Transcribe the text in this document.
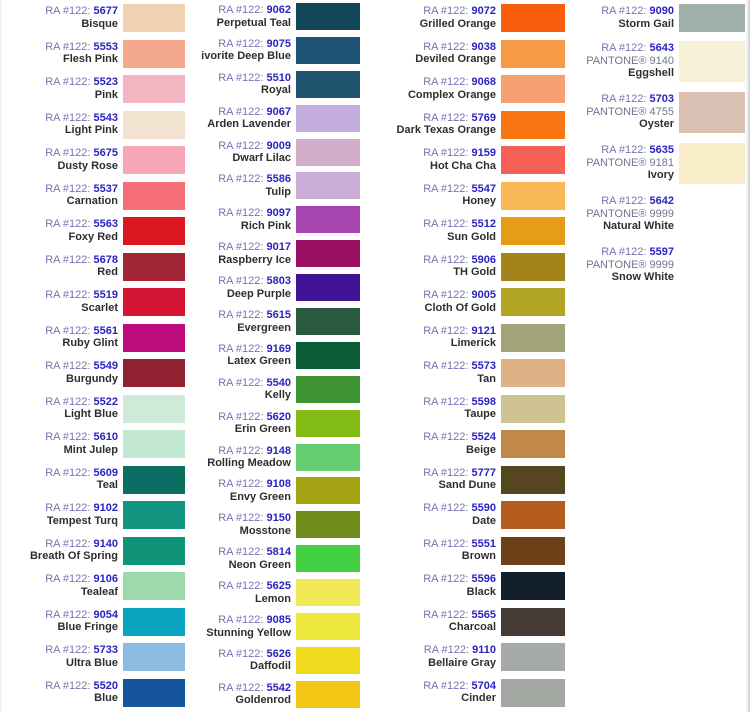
RA #122: 5677
Bisque
RA #122: 5553
Flesh Pink
RA #122: 5523
Pink
RA #122: 5543
Light Pink
RA #122: 5675
Dusty Rose
RA #122: 5537
Carnation
RA #122: 5563
Foxy Red
RA #122: 5678
Red
RA #122: 5519
Scarlet
RA #122: 5561
Ruby Glint
RA #122: 5549
Burgundy
RA #122: 5522
Light Blue
RA #122: 5610
Mint Julep
RA #122: 5609
Teal
RA #122: 9102
Tempest Turq
RA #122: 9140
Breath Of Spring
RA #122: 9106
Tealeaf
RA #122: 9054
Blue Fringe
RA #122: 5733
Ultra Blue
RA #122: 5520
Blue
RA #122: 9062
Perpetual Teal
RA #122: 9075
ivorite Deep Blue
RA #122: 5510
Royal
RA #122: 9067
Arden Lavender
RA #122: 9009
Dwarf Lilac
RA #122: 5586
Tulip
RA #122: 9097
Rich Pink
RA #122: 9017
Raspberry Ice
RA #122: 5803
Deep Purple
RA #122: 5615
Evergreen
RA #122: 9169
Latex Green
RA #122: 5540
Kelly
RA #122: 5620
Erin Green
RA #122: 9148
Rolling Meadow
RA #122: 9108
Envy Green
RA #122: 9150
Mosstone
RA #122: 5814
Neon Green
RA #122: 5625
Lemon
RA #122: 9085
Stunning Yellow
RA #122: 5626
Daffodil
RA #122: 5542
Goldenrod
RA #122: 9072
Grilled Orange
RA #122: 9038
Deviled Orange
RA #122: 9068
Complex Orange
RA #122: 5769
Dark Texas Orange
RA #122: 9159
Hot Cha Cha
RA #122: 5547
Honey
RA #122: 5512
Sun Gold
RA #122: 5906
TH Gold
RA #122: 9005
Cloth Of Gold
RA #122: 9121
Limerick
RA #122: 5573
Tan
RA #122: 5598
Taupe
RA #122: 5524
Beige
RA #122: 5777
Sand Dune
RA #122: 5590
Date
RA #122: 5551
Brown
RA #122: 5596
Black
RA #122: 5565
Charcoal
RA #122: 9110
Bellaire Gray
RA #122: 5704
Cinder
RA #122: 9090
Storm Gail
RA #122: 5643
PANTONE® 9140
Eggshell
RA #122: 5703
PANTONE® 4755
Oyster
RA #122: 5635
PANTONE® 9181
Ivory
RA #122: 5642
PANTONE® 9999
Natural White
RA #122: 5597
PANTONE® 9999
Snow White
